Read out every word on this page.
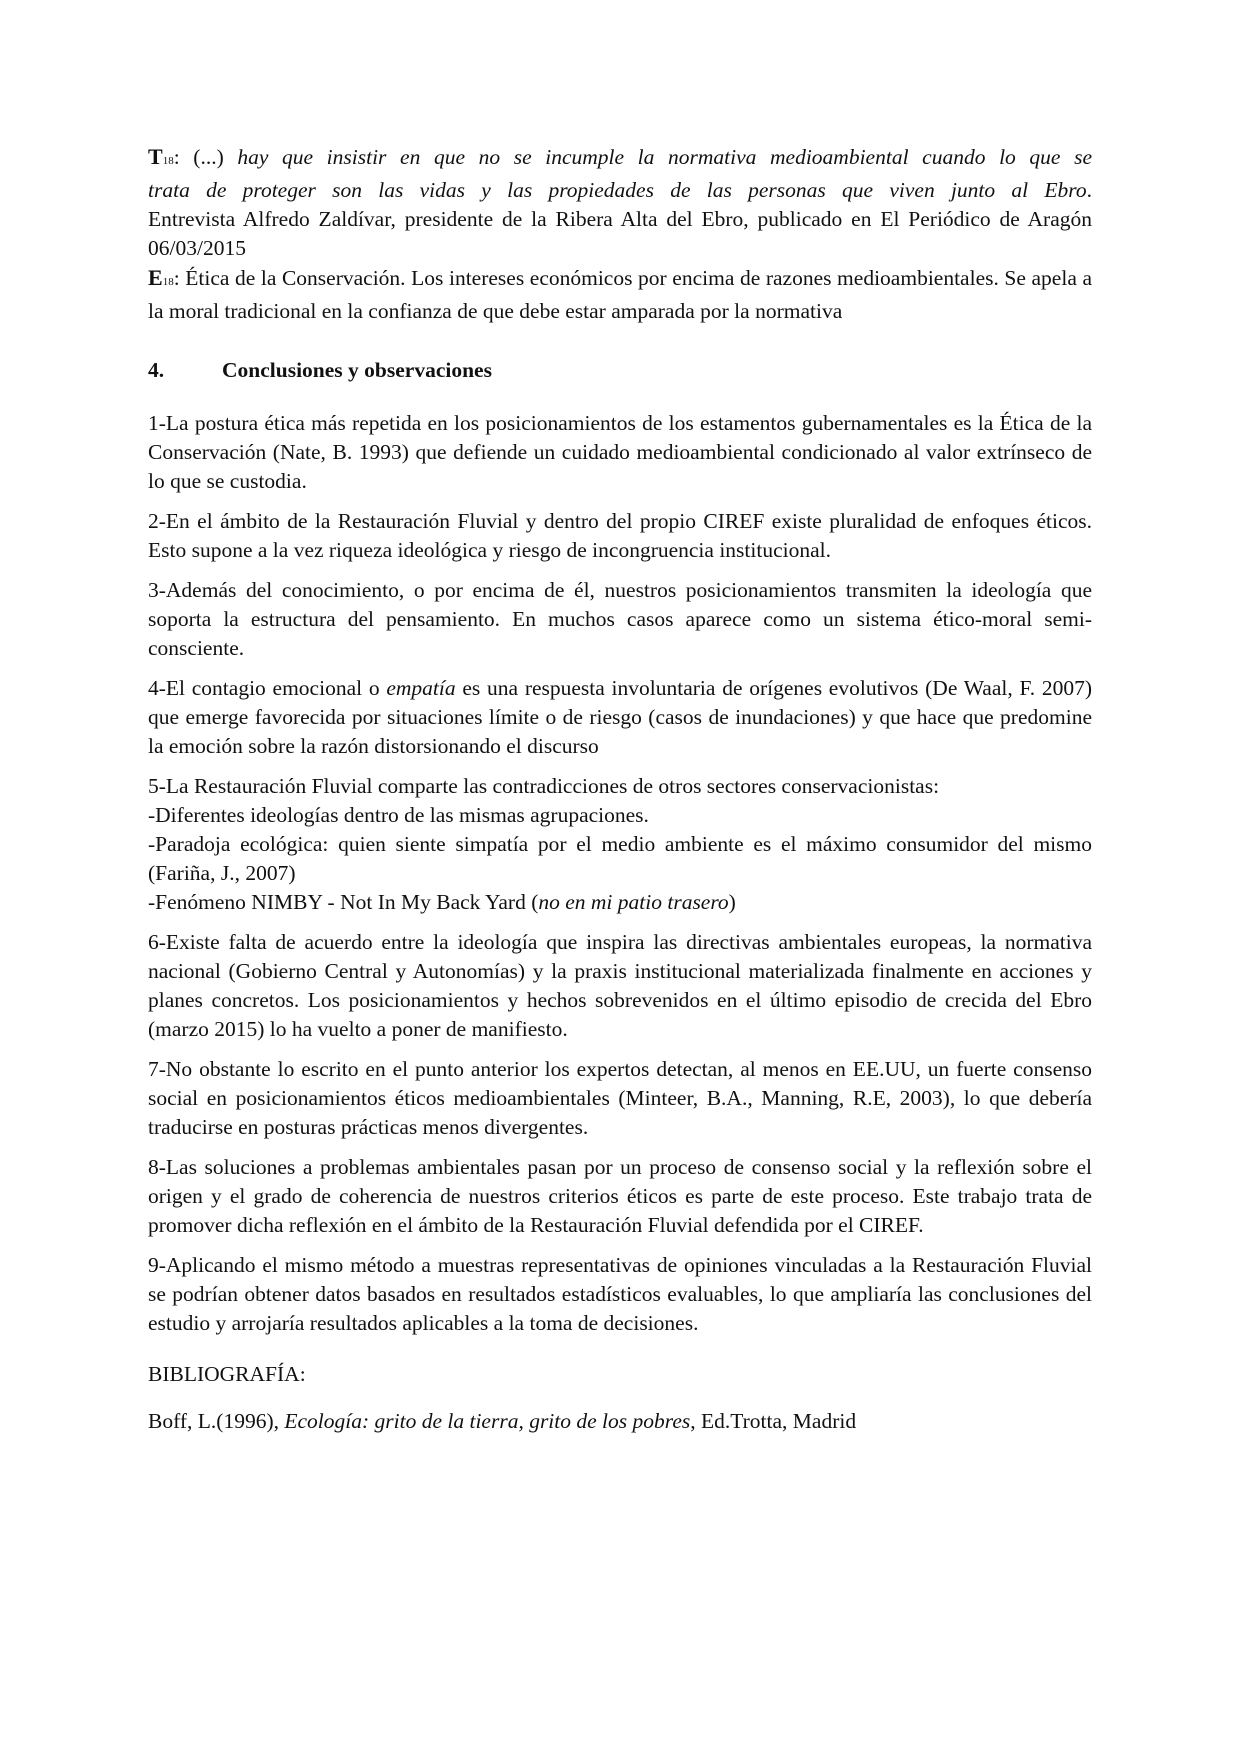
T18: (...) hay que insistir en que no se incumple la normativa medioambiental cuando lo que se

trata de proteger son las vidas y las propiedades de las personas que viven junto al Ebro.

Entrevista Alfredo Zaldívar, presidente de la Ribera Alta del Ebro, publicado en El Periódico de Aragón 06/03/2015

E18: Ética de la Conservación. Los intereses económicos por encima de razones medioambientales. Se apela a la moral tradicional en la confianza de que debe estar amparada por la normativa

4.	Conclusiones y observaciones

1-La postura ética más repetida en los posicionamientos de los estamentos gubernamentales es la Ética de la Conservación (Nate, B. 1993) que defiende un cuidado medioambiental condicionado al valor extrínseco de lo que se custodia.

2-En el ámbito de la Restauración Fluvial y dentro del propio CIREF existe pluralidad de enfoques éticos. Esto supone a la vez riqueza ideológica y riesgo de incongruencia institucional.

3-Además del conocimiento, o por encima de él, nuestros posicionamientos transmiten la ideología que soporta la estructura del pensamiento. En muchos casos aparece como un sistema ético-moral semi-consciente.

4-El contagio emocional o empatía es una respuesta involuntaria de orígenes evolutivos (De Waal, F. 2007) que emerge favorecida por situaciones límite o de riesgo (casos de inundaciones) y que hace que predomine la emoción sobre la razón distorsionando el discurso

5-La Restauración Fluvial comparte las contradicciones de otros sectores conservacionistas:

-Diferentes ideologías dentro de las mismas agrupaciones.

-Paradoja ecológica: quien siente simpatía por el medio ambiente es el máximo consumidor del mismo (Fariña, J., 2007)

-Fenómeno NIMBY - Not In My Back Yard (no en mi patio trasero)

6-Existe falta de acuerdo entre la ideología que inspira las directivas ambientales europeas, la normativa nacional (Gobierno Central y Autonomías) y la praxis institucional materializada finalmente en acciones y planes concretos. Los posicionamientos y hechos sobrevenidos en el último episodio de crecida del Ebro (marzo 2015) lo ha vuelto a poner de manifiesto.

7-No obstante lo escrito en el punto anterior los expertos detectan, al menos en EE.UU, un fuerte consenso social en posicionamientos éticos medioambientales (Minteer, B.A., Manning, R.E, 2003), lo que debería traducirse en posturas prácticas menos divergentes.

8-Las soluciones a problemas ambientales pasan por un proceso de consenso social y la reflexión sobre el origen y el grado de coherencia de nuestros criterios éticos es parte de este proceso. Este trabajo trata de promover dicha reflexión en el ámbito de la Restauración Fluvial defendida por el CIREF.

9-Aplicando el mismo método a muestras representativas de opiniones vinculadas a la Restauración Fluvial se podrían obtener datos basados en resultados estadísticos evaluables, lo que ampliaría las conclusiones del estudio y arrojaría resultados aplicables a la toma de decisiones.

BIBLIOGRAFÍA:

Boff, L.(1996), Ecología: grito de la tierra, grito de los pobres, Ed.Trotta, Madrid
